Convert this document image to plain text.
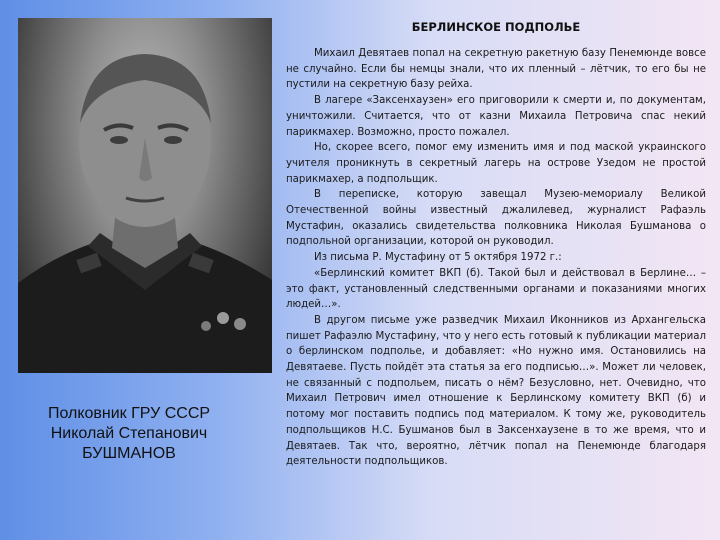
Полковник ГРУ СССР
Николай Степанович
БУШМАНОВ
БЕРЛИНСКОЕ ПОДПОЛЬЕ

Михаил Девятаев попал на секретную ракетную базу Пенемюнде вовсе не случайно. Если бы немцы знали, что их пленный – лётчик, то его бы не пустили на секретную базу рейха.

В лагере «Заксенхаузен» его приговорили к смерти и, по документам, уничтожили. Считается, что от казни Михаила Петровича спас некий парикмахер. Возможно, просто пожалел.

Но, скорее всего, помог ему изменить имя и под маской украинского учителя проникнуть в секретный лагерь на острове Узедом не простой парикмахер, а подпольщик.

В переписке, которую завещал Музею-мемориалу Великой Отечественной войны известный джалилевед, журналист Рафаэль Мустафин, оказались свидетельства полковника Николая Бушманова о подпольной организации, которой он руководил.

Из письма Р. Мустафину от 5 октября 1972 г.:

«Берлинский комитет ВКП (б). Такой был и действовал в Берлине… – это факт, установленный следственными органами и показаниями многих людей…».

В другом письме уже разведчик Михаил Иконников из Архангельска пишет Рафаэлю Мустафину, что у него есть готовый к публикации материал о берлинском подполье, и добавляет: «Но нужно имя. Остановились на Девятаеве. Пусть пойдёт эта статья за его подписью…». Может ли человек, не связанный с подпольем, писать о нём? Безусловно, нет. Очевидно, что Михаил Петрович имел отношение к Берлинскому комитету ВКП (б) и потому мог поставить подпись под материалом. К тому же, руководитель подпольщиков Н.С. Бушманов был в Заксенхаузене в то же время, что и Девятаев. Так что, вероятно, лётчик попал на Пенемюнде благодаря деятельности подпольщиков.
